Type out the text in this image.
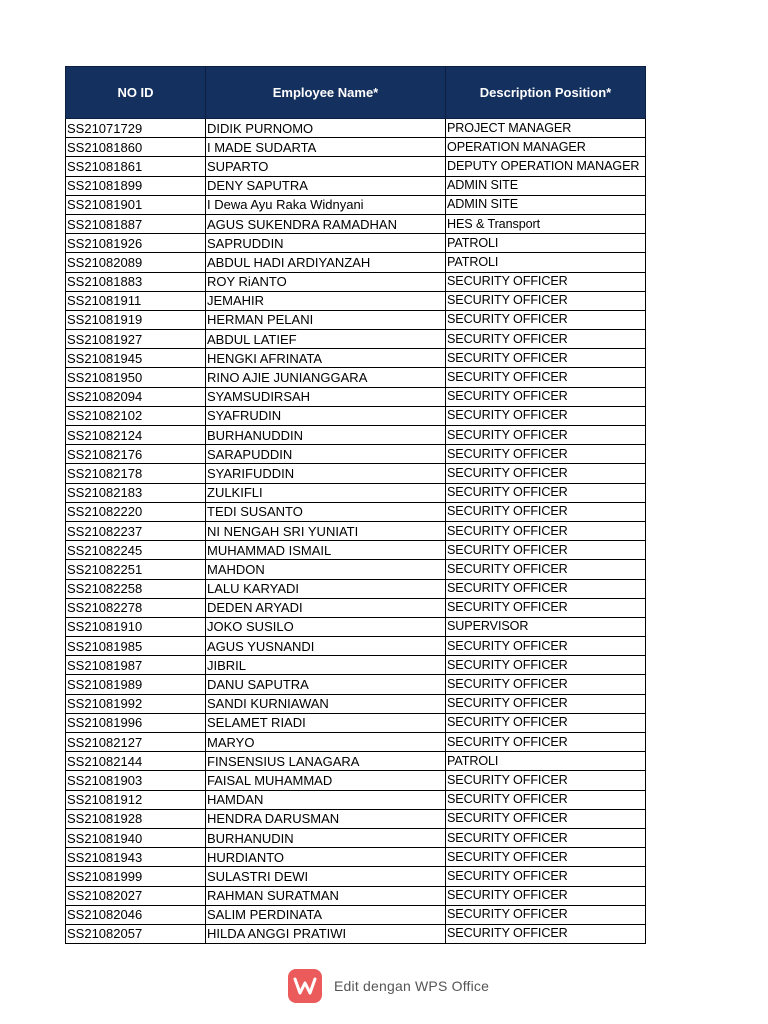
NO ID	Employee Name*	Description Position*
SS21071729	DIDIK PURNOMO	PROJECT MANAGER
SS21081860	I MADE SUDARTA	OPERATION MANAGER
SS21081861	SUPARTO	DEPUTY OPERATION MANAGER
SS21081899	DENY SAPUTRA	ADMIN SITE
SS21081901	I Dewa Ayu Raka Widnyani	ADMIN SITE
SS21081887	AGUS SUKENDRA RAMADHAN	HES & Transport
SS21081926	SAPRUDDIN	PATROLI
SS21082089	ABDUL HADI ARDIYANZAH	PATROLI
SS21081883	ROY RiANTO	SECURITY OFFICER
SS21081911	JEMAHIR	SECURITY OFFICER
SS21081919	HERMAN PELANI	SECURITY OFFICER
SS21081927	ABDUL LATIEF	SECURITY OFFICER
SS21081945	HENGKI AFRINATA	SECURITY OFFICER
SS21081950	RINO AJIE JUNIANGGARA	SECURITY OFFICER
SS21082094	SYAMSUDIRSAH	SECURITY OFFICER
SS21082102	SYAFRUDIN	SECURITY OFFICER
SS21082124	BURHANUDDIN	SECURITY OFFICER
SS21082176	SARAPUDDIN	SECURITY OFFICER
SS21082178	SYARIFUDDIN	SECURITY OFFICER
SS21082183	ZULKIFLI	SECURITY OFFICER
SS21082220	TEDI SUSANTO	SECURITY OFFICER
SS21082237	NI NENGAH SRI YUNIATI	SECURITY OFFICER
SS21082245	MUHAMMAD ISMAIL	SECURITY OFFICER
SS21082251	MAHDON	SECURITY OFFICER
SS21082258	LALU KARYADI	SECURITY OFFICER
SS21082278	DEDEN ARYADI	SECURITY OFFICER
SS21081910	JOKO SUSILO	SUPERVISOR
SS21081985	AGUS YUSNANDI	SECURITY OFFICER
SS21081987	JIBRIL	SECURITY OFFICER
SS21081989	DANU SAPUTRA	SECURITY OFFICER
SS21081992	SANDI KURNIAWAN	SECURITY OFFICER
SS21081996	SELAMET RIADI	SECURITY OFFICER
SS21082127	MARYO	SECURITY OFFICER
SS21082144	FINSENSIUS LANAGARA	PATROLI
SS21081903	FAISAL MUHAMMAD	SECURITY OFFICER
SS21081912	HAMDAN	SECURITY OFFICER
SS21081928	HENDRA DARUSMAN	SECURITY OFFICER
SS21081940	BURHANUDIN	SECURITY OFFICER
SS21081943	HURDIANTO	SECURITY OFFICER
SS21081999	SULASTRI DEWI	SECURITY OFFICER
SS21082027	RAHMAN SURATMAN	SECURITY OFFICER
SS21082046	SALIM PERDINATA	SECURITY OFFICER
SS21082057	HILDA ANGGI PRATIWI	SECURITY OFFICER
Edit dengan WPS Office
